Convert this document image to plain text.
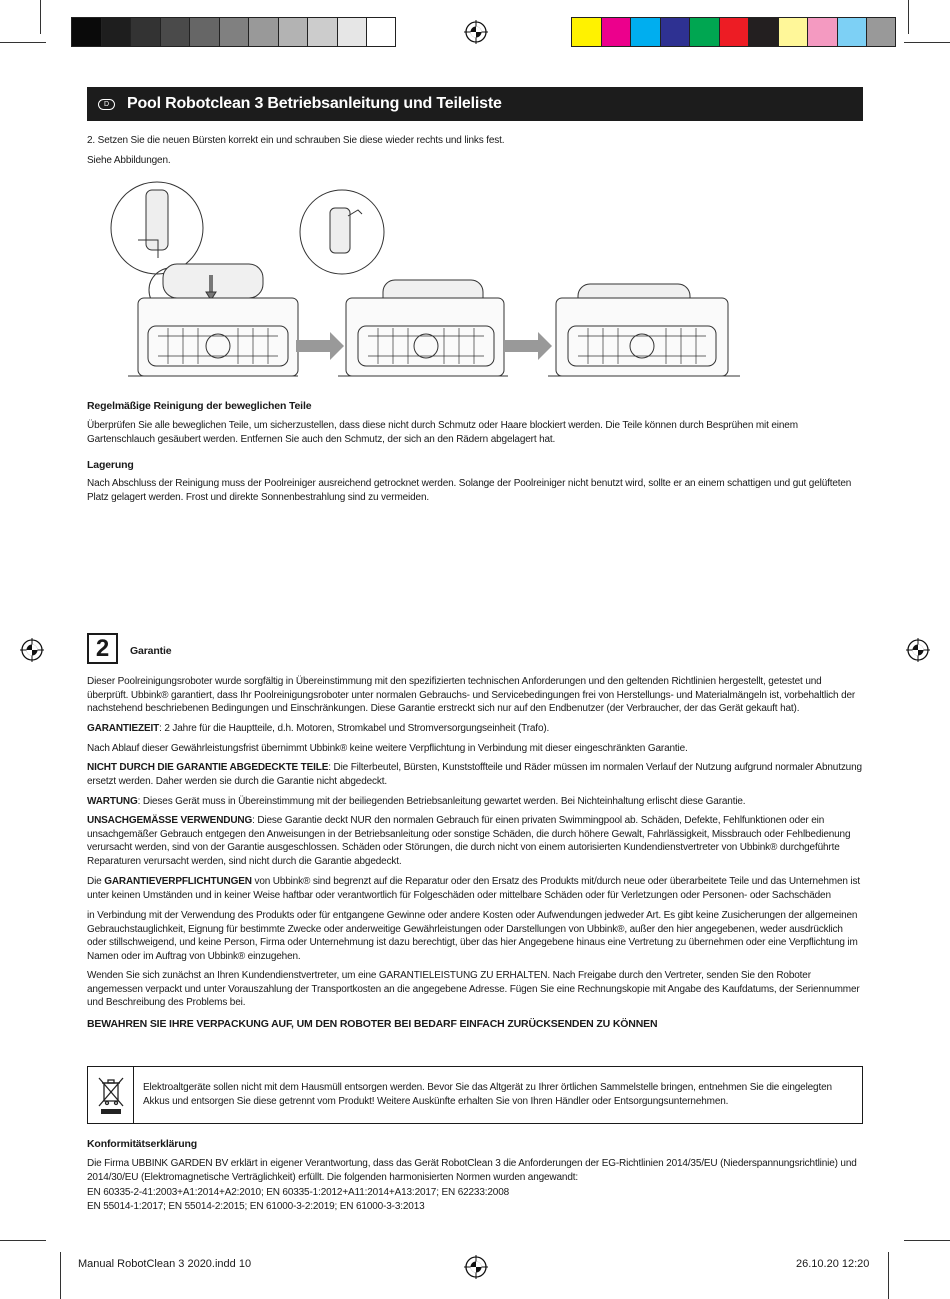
D	Pool Robotclean 3 Betriebsanleitung und Teileliste
2. Setzen Sie die neuen Bürsten korrekt ein und schrauben Sie diese wieder rechts und links fest.
Siehe Abbildungen.
Regelmäßige Reinigung der beweglichen Teile
Überprüfen Sie alle beweglichen Teile, um sicherzustellen, dass diese nicht durch Schmutz oder Haare blockiert werden. Die Teile können durch Besprühen mit einem Gartenschlauch gesäubert werden. Entfernen Sie auch den Schmutz, der sich an den Rädern abgelagert hat.
Lagerung
Nach Abschluss der Reinigung muss der Poolreiniger ausreichend getrocknet werden. Solange der Poolreiniger nicht benutzt wird, sollte er an einem schattigen und gut gelüfteten Platz gelagert werden. Frost und direkte Sonnenbestrahlung sind zu vermeiden.
2	Garantie
Dieser Poolreinigungsroboter wurde sorgfältig in Übereinstimmung mit den spezifizierten technischen Anforderungen und den geltenden Richtlinien hergestellt, getestet und überprüft. Ubbink® garantiert, dass Ihr Poolreinigungsroboter unter normalen Gebrauchs- und Servicebedingungen frei von Herstellungs- und Materialmängeln ist, vorbehaltlich der nachstehend beschriebenen Bedingungen und Einschränkungen. Diese Garantie erstreckt sich nur auf den Endbenutzer (der Verbraucher, der das Gerät gekauft hat).
GARANTIEZEIT: 2 Jahre für die Hauptteile, d.h. Motoren, Stromkabel und Stromversorgungseinheit (Trafo).
Nach Ablauf dieser Gewährleistungsfrist übernimmt Ubbink® keine weitere Verpflichtung in Verbindung mit dieser eingeschränkten Garantie.
NICHT DURCH DIE GARANTIE ABGEDECKTE TEILE: Die Filterbeutel, Bürsten, Kunststoffteile und Räder müssen im normalen Verlauf der Nutzung aufgrund normaler Abnutzung ersetzt werden. Daher werden sie durch die Garantie nicht abgedeckt.
WARTUNG: Dieses Gerät muss in Übereinstimmung mit der beiliegenden Betriebsanleitung gewartet werden. Bei Nichteinhaltung erlischt diese Garantie.
UNSACHGEMÄSSE VERWENDUNG: Diese Garantie deckt NUR den normalen Gebrauch für einen privaten Swimmingpool ab. Schäden, Defekte, Fehlfunktionen oder ein unsachgemäßer Gebrauch entgegen den Anweisungen in der Betriebsanleitung oder sonstige Schäden, die durch höhere Gewalt, Fahrlässigkeit, Missbrauch oder Fehlbedienung verursacht werden, sind von der Garantie ausgeschlossen. Schäden oder Störungen, die durch nicht von einem autorisierten Kundendienstvertreter von Ubbink® durchgeführte Reparaturen verursacht werden, sind nicht durch die Garantie abgedeckt.
Die GARANTIEVERPFLICHTUNGEN von Ubbink® sind begrenzt auf die Reparatur oder den Ersatz des Produkts mit/durch neue oder überarbeitete Teile und das Unternehmen ist unter keinen Umständen und in keiner Weise haftbar oder verantwortlich für Folgeschäden oder mittelbare Schäden oder für Verletzungen oder Personen- oder Sachschäden
in Verbindung mit der Verwendung des Produkts oder für entgangene Gewinne oder andere Kosten oder Aufwendungen jedweder Art. Es gibt keine Zusicherungen der allgemeinen Gebrauchstauglichkeit, Eignung für bestimmte Zwecke oder anderweitige Gewährleistungen oder Darstellungen von Ubbink®, außer den hier angegebenen, weder ausdrücklich oder stillschweigend, und keine Person, Firma oder Unternehmung ist dazu berechtigt, über das hier Angegebene hinaus eine Vertretung zu übernehmen oder eine Verpflichtung im Namen oder im Auftrag von Ubbink® einzugehen.
Wenden Sie sich zunächst an Ihren Kundendienstvertreter, um eine GARANTIELEISTUNG ZU ERHALTEN. Nach Freigabe durch den Vertreter, senden Sie den Roboter angemessen verpackt und unter Vorauszahlung der Transportkosten an die angegebene Adresse. Fügen Sie eine Rechnungskopie mit Angabe des Kaufdatums, der Seriennummer und Beschreibung des Problems bei.
BEWAHREN SIE IHRE VERPACKUNG AUF, UM DEN ROBOTER BEI BEDARF EINFACH ZURÜCKSENDEN ZU KÖNNEN
Elektroaltgeräte sollen nicht mit dem Hausmüll entsorgen werden. Bevor Sie das Altgerät zu Ihrer örtlichen Sammelstelle bringen, entnehmen Sie die eingelegten Akkus und entsorgen Sie diese getrennt vom Produkt! Weitere Auskünfte erhalten Sie von Ihren Händler oder Entsorgungsunternehmen.
Konformitätserklärung
Die Firma UBBINK GARDEN BV erklärt in eigener Verantwortung, dass das Gerät RobotClean 3 die Anforderungen der EG-Richtlinien 2014/35/EU (Niederspannungsrichtlinie) und 2014/30/EU (Elektromagnetische Verträglichkeit) erfüllt. Die folgenden harmonisierten Normen wurden angewandt:
EN 60335-2-41:2003+A1:2014+A2:2010; EN 60335-1:2012+A11:2014+A13:2017; EN 62233:2008
EN 55014-1:2017; EN 55014-2:2015; EN 61000-3-2:2019; EN 61000-3-3:2013
Manual RobotClean 3 2020.indd 10	26.10.20 12:20
